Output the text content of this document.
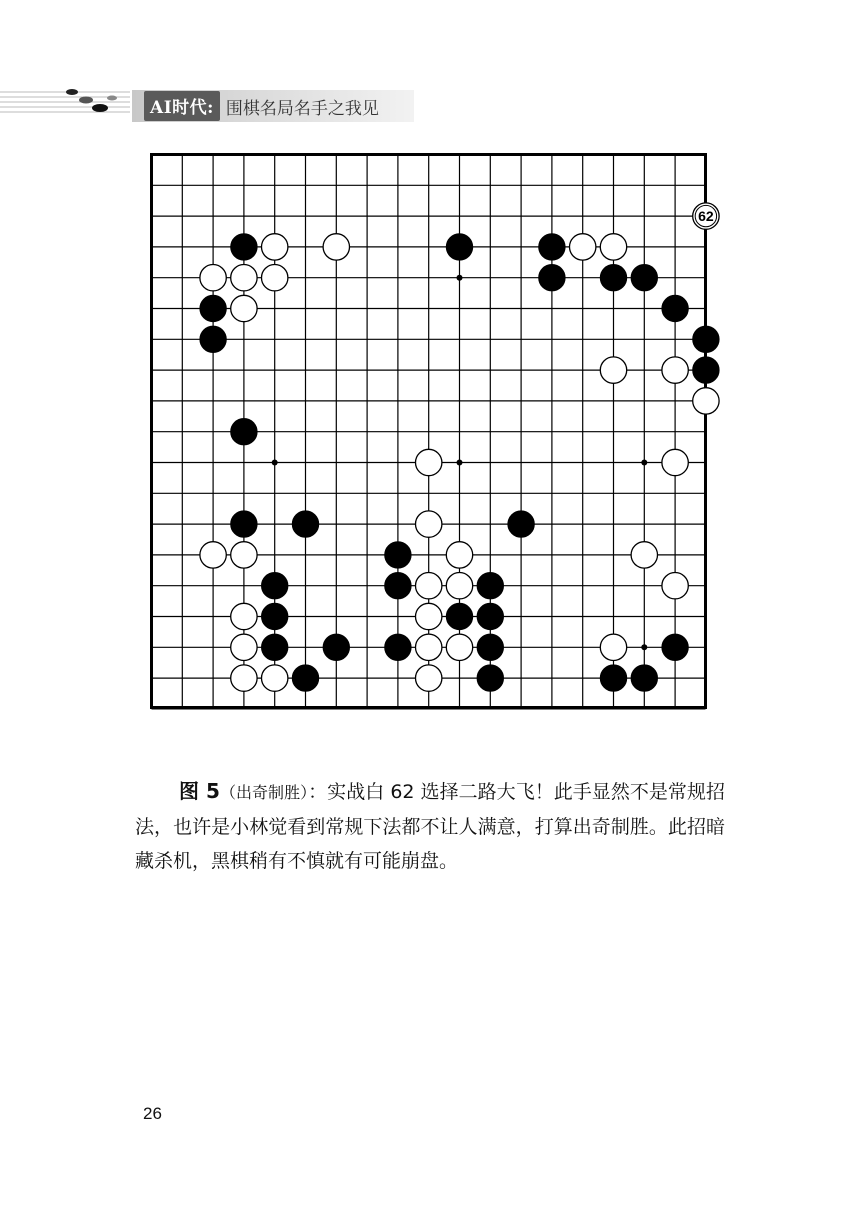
AI时代: 围棋名局名手之我见
62

图 5（出奇制胜）：实战白 62 选择二路大飞！此手显然不是常规招法，也许是小林觉看到常规下法都不让人满意，打算出奇制胜。此招暗藏杀机，黑棋稍有不慎就有可能崩盘。

26
